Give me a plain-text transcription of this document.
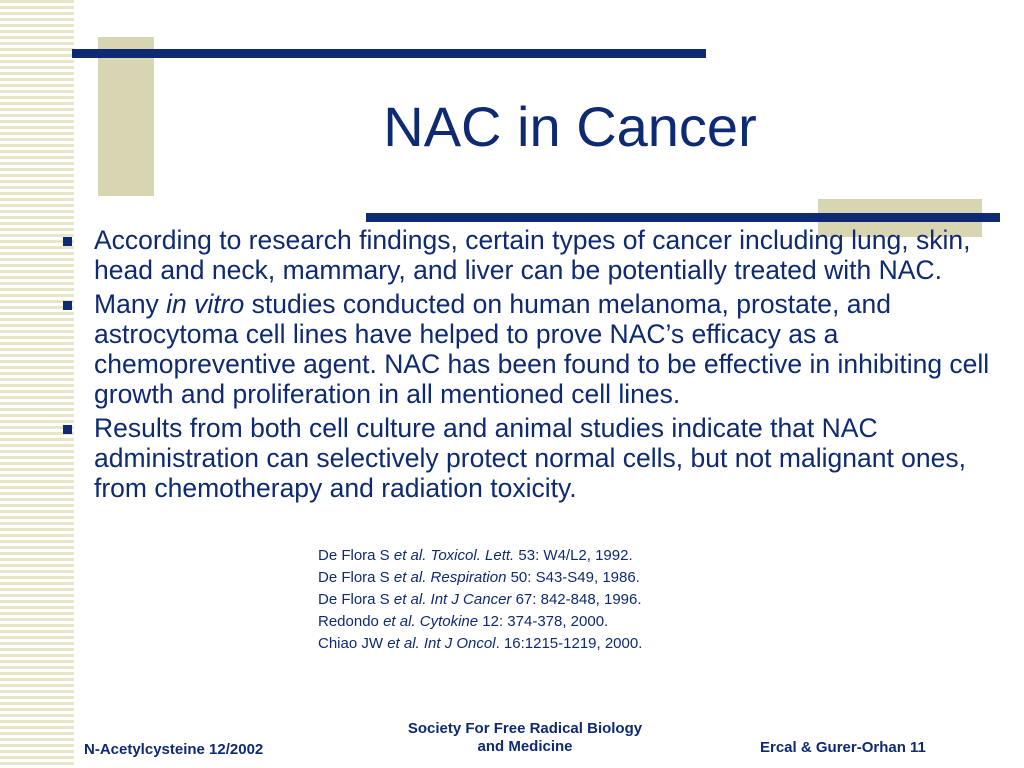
NAC in Cancer
According to research findings, certain types of cancer including lung, skin, head and neck, mammary, and liver can be potentially treated with NAC.
Many in vitro studies conducted on human melanoma, prostate, and astrocytoma cell lines have helped to prove NAC’s efficacy as a chemopreventive agent. NAC has been found to be effective in inhibiting cell growth and proliferation in all mentioned cell lines.
Results from both cell culture and animal studies indicate that NAC administration can selectively protect normal cells, but not malignant ones, from chemotherapy and radiation toxicity.
De Flora S et al. Toxicol. Lett. 53: W4/L2, 1992.
De Flora S et al. Respiration 50: S43-S49, 1986.
De Flora S et al. Int J Cancer 67: 842-848, 1996.
Redondo et al. Cytokine 12: 374-378, 2000.
Chiao JW et al. Int J Oncol. 16:1215-1219, 2000.
N-Acetylcysteine 12/2002
Society For Free Radical Biology
and Medicine	Ercal & Gurer-Orhan 11
